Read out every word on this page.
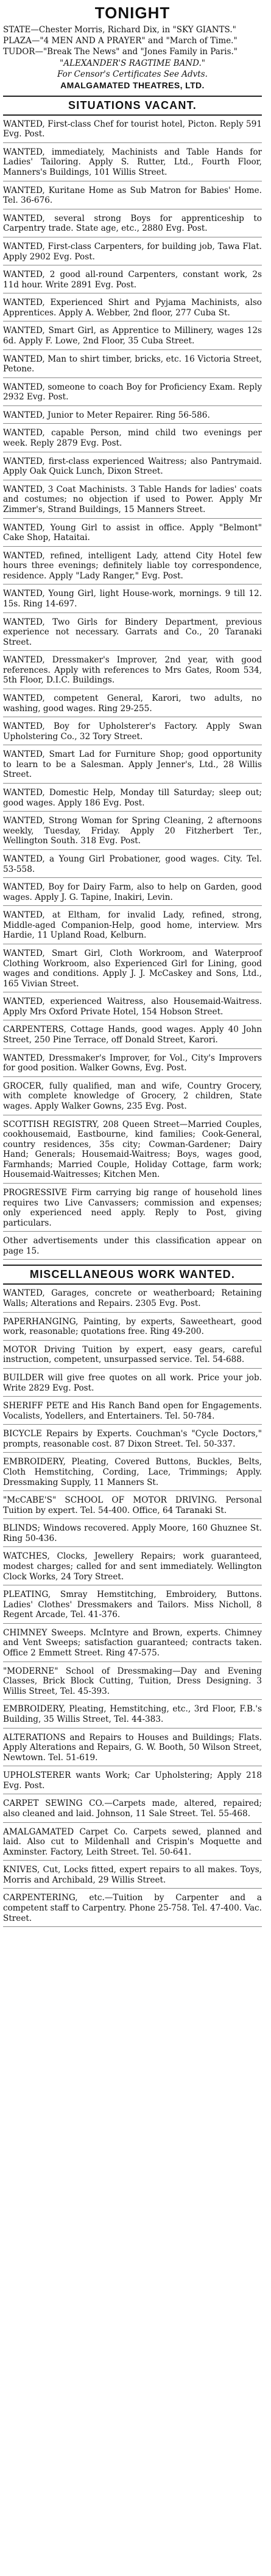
TONIGHT
STATE—Chester Morris, Richard Dix, in "SKY GIANTS."
PLAZA—"4 MEN AND A PRAYER" and "March of Time."
TUDOR—"Break The News" and "Jones Family in Paris."
"ALEXANDER'S RAGTIME BAND."
For Censor's Certificates See Advts.
AMALGAMATED THEATRES, LTD.
SITUATIONS VACANT.
WANTED, First-class Chef for tourist hotel, Picton. Reply 591 Evg. Post.
WANTED, immediately, Machinists and Table Hands for Ladies' Tailoring. Apply S. Rutter, Ltd., Fourth Floor, Manners's Buildings, 101 Willis Street.
WANTED, Kuritane Home as Sub Matron for Babies' Home. Tel. 36-676.
WANTED, several strong Boys for apprenticeship to Carpentry trade. State age, etc., 2880 Evg. Post.
WANTED, First-class Carpenters, for building job, Tawa Flat. Apply 2902 Evg. Post.
WANTED, 2 good all-round Carpenters, constant work, 2s 11d hour. Write 2891 Evg. Post.
WANTED, Experienced Shirt and Pyjama Machinists, also Apprentices. Apply A. Webber, 2nd floor, 277 Cuba St.
WANTED, Smart Girl, as Apprentice to Millinery, wages 12s 6d. Apply F. Lowe, 2nd Floor, 35 Cuba Street.
WANTED, Man to shirt timber, bricks, etc. 16 Victoria Street, Petone.
WANTED, someone to coach Boy for Proficiency Exam. Reply 2932 Evg. Post.
WANTED, Junior to Meter Repairer. Ring 56-586.
WANTED, capable Person, mind child two evenings per week. Reply 2879 Evg. Post.
WANTED, first-class experienced Waitress; also Pantrymaid. Apply Oak Quick Lunch, Dixon Street.
WANTED, 3 Coat Machinists. 3 Table Hands for ladies' coats and costumes; no objection if used to Power. Apply Mr Zimmer's, Strand Buildings, 15 Manners Street.
WANTED, Young Girl to assist in office. Apply "Belmont" Cake Shop, Hataitai.
WANTED, refined, intelligent Lady, attend City Hotel few hours three evenings; definitely liable toy correspondence, residence. Apply "Lady Ranger," Evg. Post.
WANTED, Young Girl, light House-work, mornings. 9 till 12. 15s. Ring 14-697.
WANTED, Two Girls for Bindery Department, previous experience not necessary. Garrats and Co., 20 Taranaki Street.
WANTED, Dressmaker's Improver, 2nd year, with good references. Apply with references to Mrs Gates, Room 534, 5th Floor, D.I.C. Buildings.
WANTED, competent General, Karori, two adults, no washing, good wages. Ring 29-255.
WANTED, Boy for Upholsterer's Factory. Apply Swan Upholstering Co., 32 Tory Street.
WANTED, Smart Lad for Furniture Shop; good opportunity to learn to be a Salesman. Apply Jenner's, Ltd., 28 Willis Street.
WANTED, Domestic Help, Monday till Saturday; sleep out; good wages. Apply 186 Evg. Post.
WANTED, Strong Woman for Spring Cleaning, 2 afternoons weekly, Tuesday, Friday. Apply 20 Fitzherbert Ter., Wellington South. 318 Evg. Post.
WANTED, a Young Girl Probationer, good wages. City. Tel. 53-558.
WANTED, Boy for Dairy Farm, also to help on Garden, good wages. Apply J. G. Tapine, Inakiri, Levin.
WANTED, at Eltham, for invalid Lady, refined, strong, Middle-aged Companion-Help, good home, interview. Mrs Hardie, 11 Upland Road, Kelburn.
WANTED, Smart Girl, Cloth Workroom, and Waterproof Clothing Workroom, also Experienced Girl for Lining, good wages and conditions. Apply J. J. McCaskey and Sons, Ltd., 165 Vivian Street.
WANTED, experienced Waitress, also Housemaid-Waitress. Apply Mrs Oxford Private Hotel, 154 Hobson Street.
CARPENTERS, Cottage Hands, good wages. Apply 40 John Street, 250 Pine Terrace, off Donald Street, Karori.
WANTED, Dressmaker's Improver, for Vol., City's Improvers for good position. Walker Gowns, Evg. Post.
GROCER, fully qualified, man and wife, Country Grocery, with complete knowledge of Grocery, 2 children, State wages. Apply Walker Gowns, 235 Evg. Post.
SCOTTISH REGISTRY, 208 Queen Street—Married Couples, cookhousemaid, Eastbourne, kind families; Cook-General, country residences, 35s city; Cowman-Gardener; Dairy Hand; Generals; Housemaid-Waitress; Boys, wages good, Farmhands; Married Couple, Holiday Cottage, farm work; Housemaid-Waitresses; Kitchen Men.
PROGRESSIVE Firm carrying big range of household lines requires two Live Canvassers; commission and expenses; only experienced need apply. Reply to Post, giving particulars.
Other advertisements under this classification appear on page 15.
MISCELLANEOUS WORK WANTED.
WANTED, Garages, concrete or weatherboard; Retaining Walls; Alterations and Repairs. 2305 Evg. Post.
PAPERHANGING, Painting, by experts, Saweetheart, good work, reasonable; quotations free. Ring 49-200.
MOTOR Driving Tuition by expert, easy gears, careful instruction, competent, unsurpassed service. Tel. 54-688.
BUILDER will give free quotes on all work. Price your job. Write 2829 Evg. Post.
SHERIFF PETE and His Ranch Band open for Engagements. Vocalists, Yodellers, and Entertainers. Tel. 50-784.
BICYCLE Repairs by Experts. Couchman's "Cycle Doctors," prompts, reasonable cost. 87 Dixon Street. Tel. 50-337.
EMBROIDERY, Pleating, Covered Buttons, Buckles, Belts, Cloth Hemstitching, Cording, Lace, Trimmings; Apply. Dressmaking Supply, 11 Manners St.
"McCABE'S" SCHOOL OF MOTOR DRIVING. Personal Tuition by expert. Tel. 54-400. Office, 64 Taranaki St.
BLINDS; Windows recovered. Apply Moore, 160 Ghuznee St. Ring 50-436.
WATCHES, Clocks, Jewellery Repairs; work guaranteed, modest charges; called for and sent immediately. Wellington Clock Works, 24 Tory Street.
PLEATING, Smray Hemstitching, Embroidery, Buttons. Ladies' Clothes' Dressmakers and Tailors. Miss Nicholl, 8 Regent Arcade, Tel. 41-376.
CHIMNEY Sweeps. McIntyre and Brown, experts. Chimney and Vent Sweeps; satisfaction guaranteed; contracts taken. Office 2 Emmett Street. Ring 47-575.
"MODERNE" School of Dressmaking—Day and Evening Classes, Brick Block Cutting, Tuition, Dress Designing. 3 Willis Street, Tel. 45-393.
EMBROIDERY, Pleating, Hemstitching, etc., 3rd Floor, F.B.'s Building, 35 Willis Street, Tel. 44-383.
ALTERATIONS and Repairs to Houses and Buildings; Flats. Apply Alterations and Repairs, G. W. Booth, 50 Wilson Street, Newtown. Tel. 51-619.
UPHOLSTERER wants Work; Car Upholstering; Apply 218 Evg. Post.
CARPET SEWING CO.—Carpets made, altered, repaired; also cleaned and laid. Johnson, 11 Sale Street. Tel. 55-468.
AMALGAMATED Carpet Co. Carpets sewed, planned and laid. Also cut to Mildenhall and Crispin's Moquette and Axminster. Factory, Leith Street. Tel. 50-641.
KNIVES, Cut, Locks fitted, expert repairs to all makes. Toys, Morris and Archibald, 29 Willis Street.
CARPENTERING, etc.—Tuition by Carpenter and a competent staff to Carpentry. Phone 25-758. Tel. 47-400. Vac. Street.
